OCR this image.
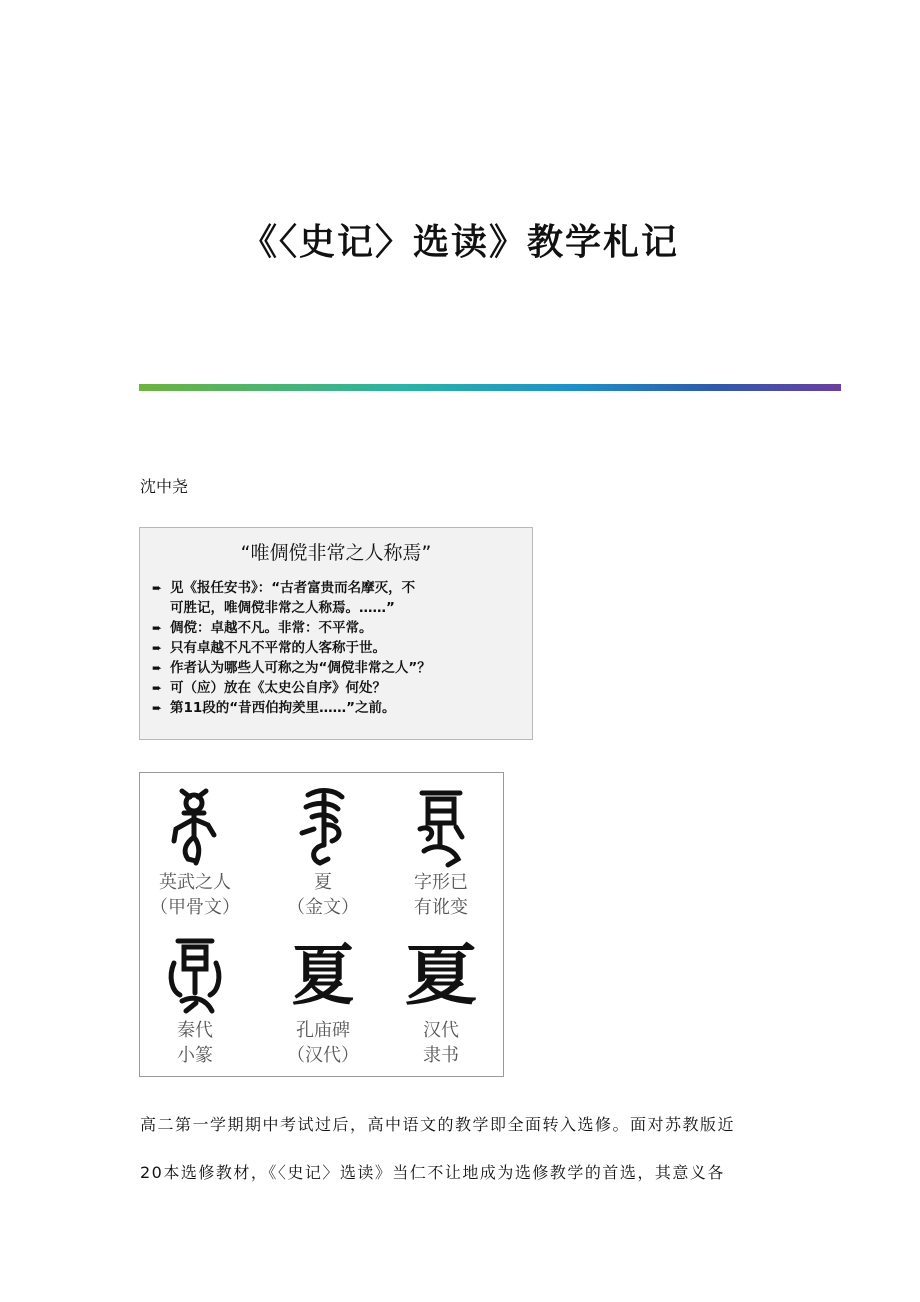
《〈史记〉选读》教学札记
沈中尧
“唯倜傥非常之人称焉”
➨ 见《报任安书》：“古者富贵而名摩灭，不
可胜记，唯倜傥非常之人称焉。……”
➨ 倜傥：卓越不凡。非常：不平常。
➨ 只有卓越不凡不平常的人客称于世。
➨ 作者认为哪些人可称之为“倜傥非常之人”？
➨ 可（应）放在《太史公自序》何处？
➨ 第11段的“昔西伯拘羑里……”之前。
英武之人
（甲骨文）
夏
（金文）
字形已
有讹变
秦代
小篆
夏
孔庙碑
（汉代）
夏
汉代
隶书
高二第一学期期中考试过后，高中语文的教学即全面转入选修。面对苏教版近
20本选修教材，《〈史记〉选读》当仁不让地成为选修教学的首选，其意义各
